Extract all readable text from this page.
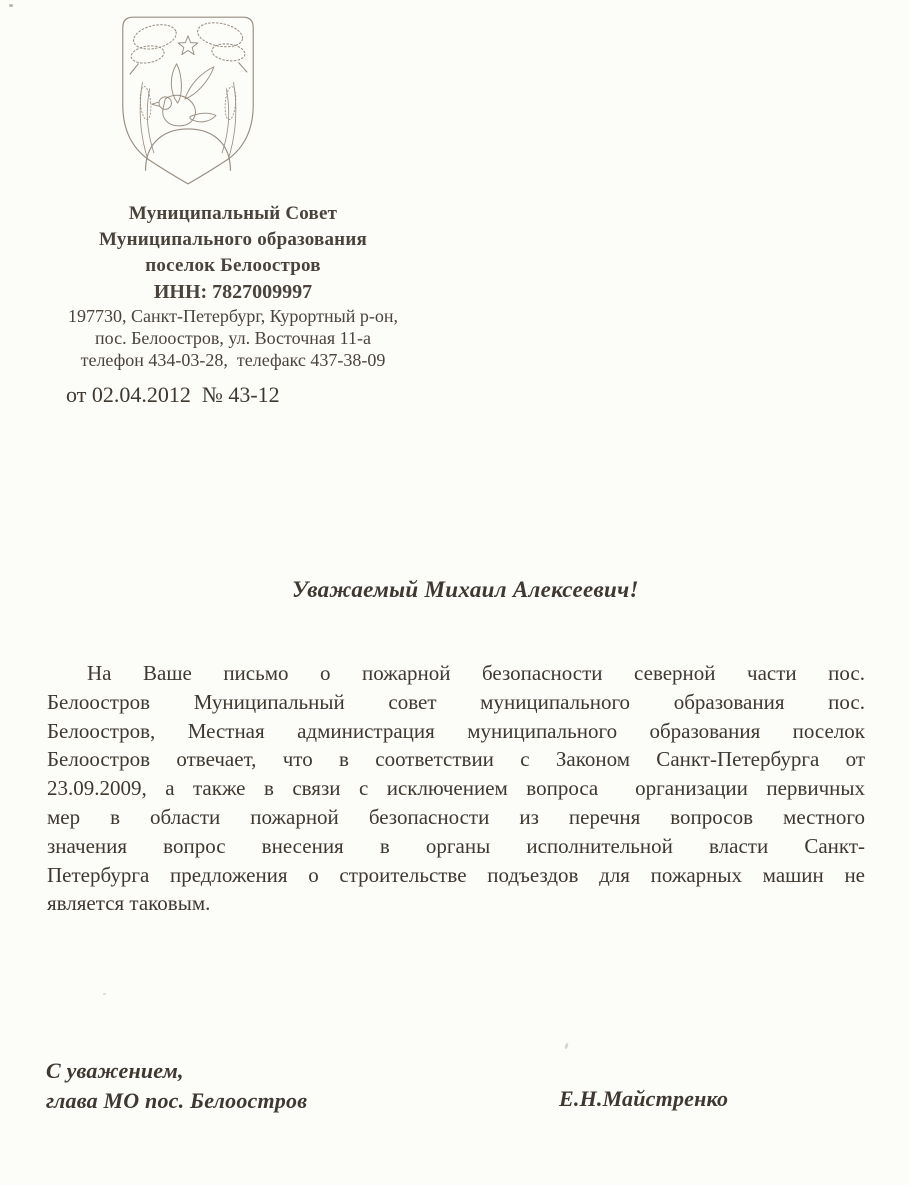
Муниципальный Совет
Муниципального образования
поселок Белоостров
ИНН: 7827009997
197730, Санкт-Петербург, Курортный р-он,
пос. Белоостров, ул. Восточная 11-а
телефон 434-03-28,  телефакс 437-38-09
от 02.04.2012  № 43-12
Уважаемый Михаил Алексеевич!
На Ваше письмо о пожарной безопасности северной части пос.
Белоостров Муниципальный совет муниципального образования пос.
Белоостров, Местная администрация муниципального образования поселок
Белоостров отвечает, что в соответствии с Законом Санкт-Петербурга от
23.09.2009, а также в связи с исключением вопроса  организации первичных
мер в области пожарной безопасности из перечня вопросов местного
значения вопрос внесения в органы исполнительной власти Санкт-
Петербурга предложения о строительстве подъездов для пожарных машин не
является таковым.
С уважением,
глава МО пос. Белоостров	Е.Н.Майстренко
